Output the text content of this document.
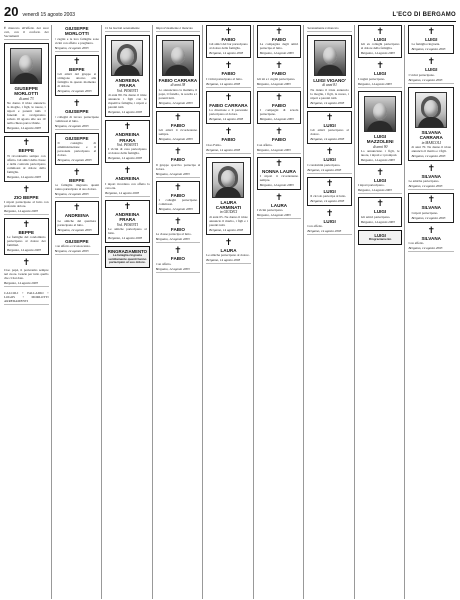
20 venerdì 15 agosto 2003	L'ECO DI BERGAMO
È mancato all'affetto dei suoi cari, con il conforto dei Sacramenti
GIUSEPPE MORLOTTI
di anni 73
Ne danno il triste annuncio la moglie, i figli, le nuore, i nipoti e parenti tutti. I funerali si svolgeranno sabato 16 agosto alle ore 10 nella chiesa parrocchiale.
Bergamo, 14 agosto 2003
✝
BEPPE
Ti ricorderemo sempre con affetto. Gli amici della classe e della contrada partecipano commossi al dolore della famiglia.
Bergamo, 14 agosto 2003
✝
ZIO BEPPE
I nipoti partecipano al lutto con profondo dolore.
Bergamo, 14 agosto 2003
✝
BEPPE
Le famiglie del condominio partecipano al dolore dei familiari.
Bergamo, 14 agosto 2003
✝
Ciao papà, ti porteremo sempre nel cuore. Grazie per tutto quello che ci hai dato.
Bergamo, 14 agosto 2003
CALCOLI • PALLADIO • LOGOS • MORLOTTI ARREDAMENTI
GIUSEPPE MORLOTTI
I cugini e le loro famiglie sono vicini con affetto e preghiera.
Bergamo, 14 agosto 2003
✝
BEPPE
Gli amici del gruppo si stringono attorno alla famiglia in questo momento di dolore.
Bergamo, 14 agosto 2003
✝
GIUSEPPE
I colleghi di lavoro partecipano commossi al lutto.
Bergamo, 14 agosto 2003
GIUSEPPE
Il consiglio di amministrazione e il personale partecipano al dolore.
Bergamo, 14 agosto 2003
✝
BEPPE
La famiglia ringrazia quanti hanno partecipato al suo dolore.
Bergamo, 14 agosto 2003
✝
ANDREINA
Le amiche del quartiere partecipano al lutto.
Bergamo, 14 agosto 2003
GIUSEPPE
Con affetto e riconoscenza.
Bergamo, 14 agosto 2003
Ci ha lasciati serenamente
ANDREINA FRARA
Ved. PESENTI
di anni 80. Ne danno il triste annuncio i figli con le rispettive famiglie, i nipoti e parenti tutti.
Bergamo, 14 agosto 2003
✝
ANDREINA FRARA
Ved. PESENTI
I vicini di casa partecipano al dolore della famiglia.
Bergamo, 14 agosto 2003
✝
ANDREINA
I nipoti ricordano con affetto la cara zia.
Bergamo, 14 agosto 2003
✝
ANDREINA FRARA
Ved. PESENTI
Le amiche partecipano al lutto.
Bergamo, 14 agosto 2003
RINGRAZIAMENTO
La famiglia ringrazia sentitamente quanti hanno partecipato al suo dolore.
Improvvisamente è mancato
FABIO CARRARA
di anni 38
Lo annunciano la mamma, il papà, il fratello, la sorella e i parenti tutti.
Bergamo, 14 agosto 2003
✝
FABIO
Gli amici ti ricorderanno sempre.
Bergamo, 14 agosto 2003
✝
FABIO
Il gruppo sportivo partecipa al dolore.
Bergamo, 14 agosto 2003
✝
FABIO
I colleghi partecipano commossi.
Bergamo, 14 agosto 2003
✝
FABIO
La classe partecipa al lutto.
Bergamo, 14 agosto 2003
✝
FABIO
Con affetto.
Bergamo, 14 agosto 2003
✝
FABIO
Gli amici del bar partecipano al dolore della famiglia.
Bergamo, 14 agosto 2003
✝
FABIO
I vicini partecipano al lutto.
Bergamo, 14 agosto 2003
✝
FABIO CARRARA
La direzione e il personale partecipano al dolore.
Bergamo, 14 agosto 2003
✝
FABIO
Ciao Fabio.
Bergamo, 14 agosto 2003
LAURA CARMINATI
in GIUDICI
di anni 65. Ne danno il triste annuncio il marito, i figli e i parenti tutti.
Bergamo, 14 agosto 2003
✝
LAURA
Le amiche partecipano al dolore.
Bergamo, 14 agosto 2003
✝
FABIO
La compagnia degli amici partecipa al lutto.
Bergamo, 14 agosto 2003
✝
FABIO
Gli zii e i cugini partecipano.
Bergamo, 14 agosto 2003
✝
FABIO
I compagni di scuola partecipano.
Bergamo, 14 agosto 2003
✝
FABIO
Con affetto.
Bergamo, 14 agosto 2003
✝
NONNA LAURA
I nipoti ti ricorderanno sempre.
Bergamo, 14 agosto 2003
✝
LAURA
I vicini partecipano.
Bergamo, 14 agosto 2003
Serenamente è mancato
LUIGI VIGANO'
di anni 81
Ne danno il triste annuncio la moglie, i figli, le nuore, i nipoti e parenti tutti.
Bergamo, 14 agosto 2003
✝
LUIGI
Gli amici partecipano al dolore.
Bergamo, 14 agosto 2003
✝
LUIGI
I condomini partecipano.
Bergamo, 14 agosto 2003
✝
LUIGI
Il circolo partecipa al lutto.
Bergamo, 14 agosto 2003
✝
LUIGI
Con affetto.
Bergamo, 14 agosto 2003
✝
LUIGI
Gli ex colleghi partecipano al dolore della famiglia.
Bergamo, 14 agosto 2003
✝
LUIGI
I cugini partecipano.
Bergamo, 14 agosto 2003
LUIGI MAZZOLENI
di anni 90
Lo annunciano i figli, le nuore, i nipoti e i pronipoti.
Bergamo, 14 agosto 2003
✝
LUIGI
I nipoti partecipano.
Bergamo, 14 agosto 2003
✝
LUIGI
Gli amici partecipano.
Bergamo, 14 agosto 2003
LUIGI
Ringraziamento
✝
LUIGI
La famiglia ringrazia.
Bergamo, 14 agosto 2003
✝
LUIGI
I vicini partecipano.
Bergamo, 14 agosto 2003
SILVANA CARRARA
in MARCOLI
di anni 70. Ne danno il triste annuncio il marito e i figli.
Bergamo, 14 agosto 2003
✝
SILVANA
Le amiche partecipano.
Bergamo, 14 agosto 2003
✝
SILVANA
I nipoti partecipano.
Bergamo, 14 agosto 2003
✝
SILVANA
Con affetto.
Bergamo, 14 agosto 2003
